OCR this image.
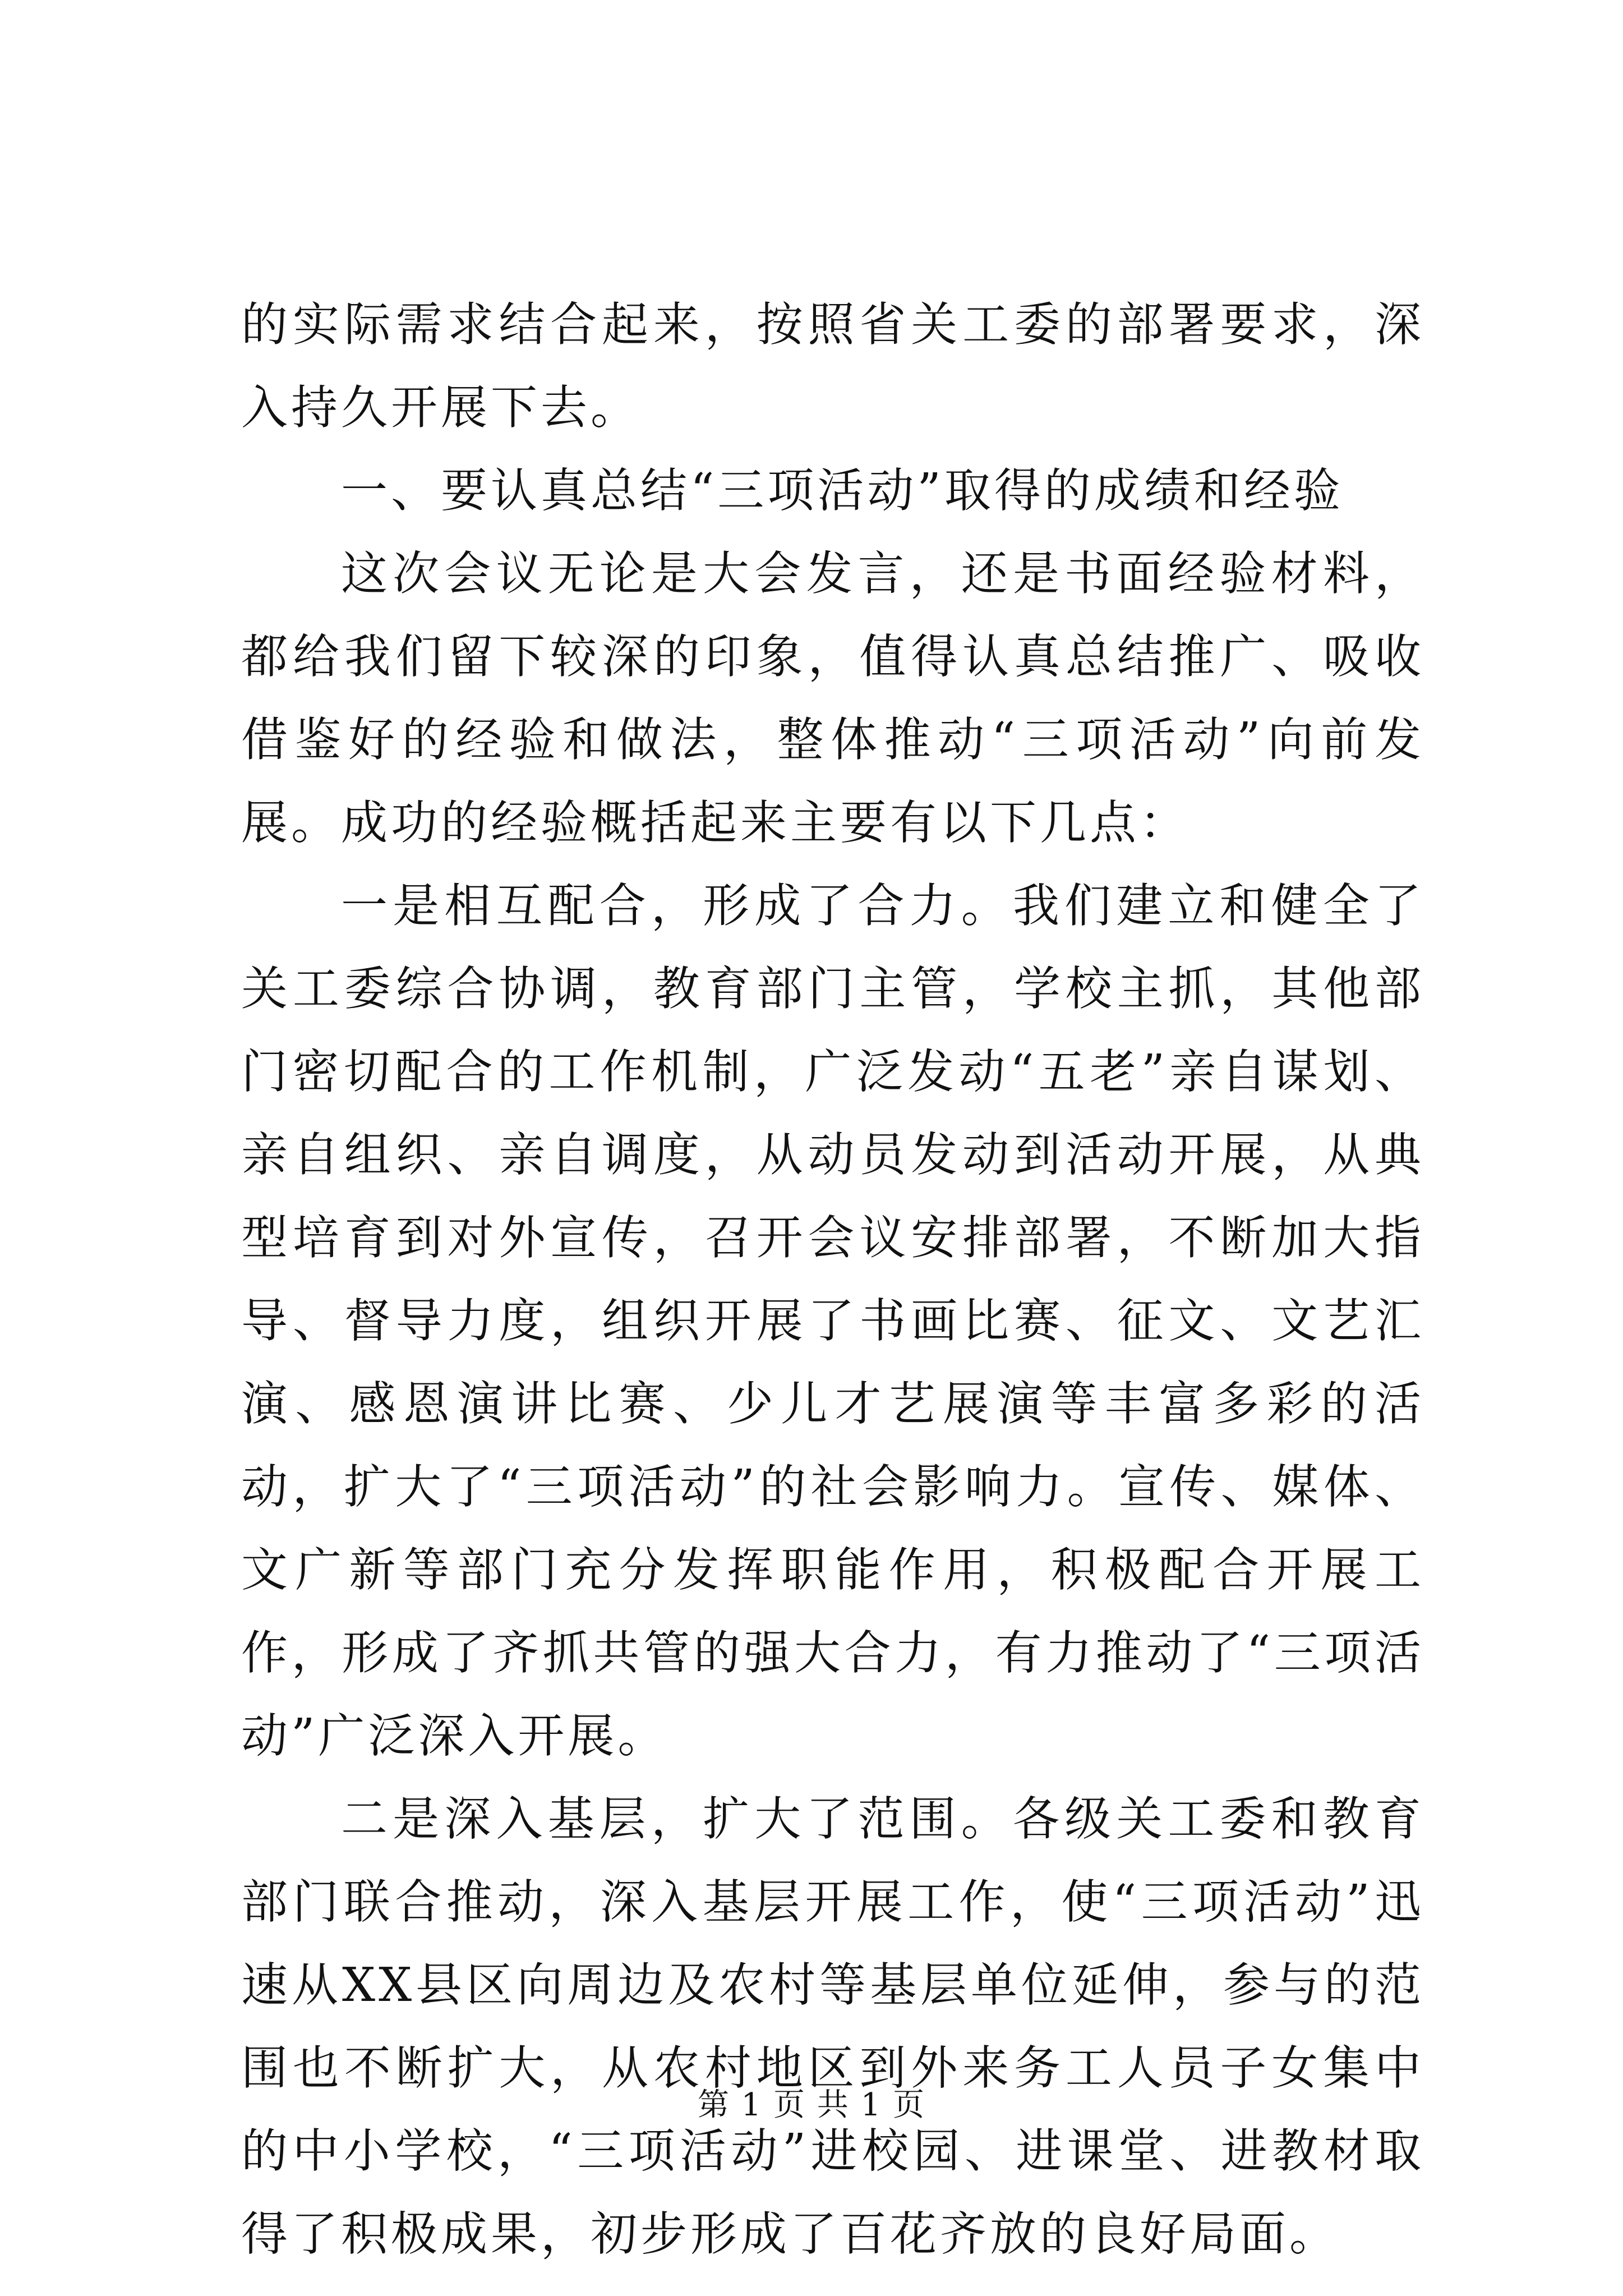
的实际需求结合起来，按照省关工委的部署要求，深入持久开展下去。

一、要认真总结“三项活动”取得的成绩和经验

这次会议无论是大会发言，还是书面经验材料，都给我们留下较深的印象，值得认真总结推广、吸收借鉴好的经验和做法，整体推动“三项活动”向前发展。成功的经验概括起来主要有以下几点：

一是相互配合，形成了合力。我们建立和健全了关工委综合协调，教育部门主管，学校主抓，其他部门密切配合的工作机制，广泛发动“五老”亲自谋划、亲自组织、亲自调度，从动员发动到活动开展，从典型培育到对外宣传，召开会议安排部署，不断加大指导、督导力度，组织开展了书画比赛、征文、文艺汇演、感恩演讲比赛、少儿才艺展演等丰富多彩的活动，扩大了“三项活动”的社会影响力。宣传、媒体、文广新等部门充分发挥职能作用，积极配合开展工作，形成了齐抓共管的强大合力，有力推动了“三项活动”广泛深入开展。

二是深入基层，扩大了范围。各级关工委和教育部门联合推动，深入基层开展工作，使“三项活动”迅速从XX县区向周边及农村等基层单位延伸，参与的范围也不断扩大，从农村地区到外来务工人员子女集中的中小学校，“三项活动”进校园、进课堂、进教材取得了积极成果，初步形成了百花齐放的良好局面。

第 1 页 共 1 页
